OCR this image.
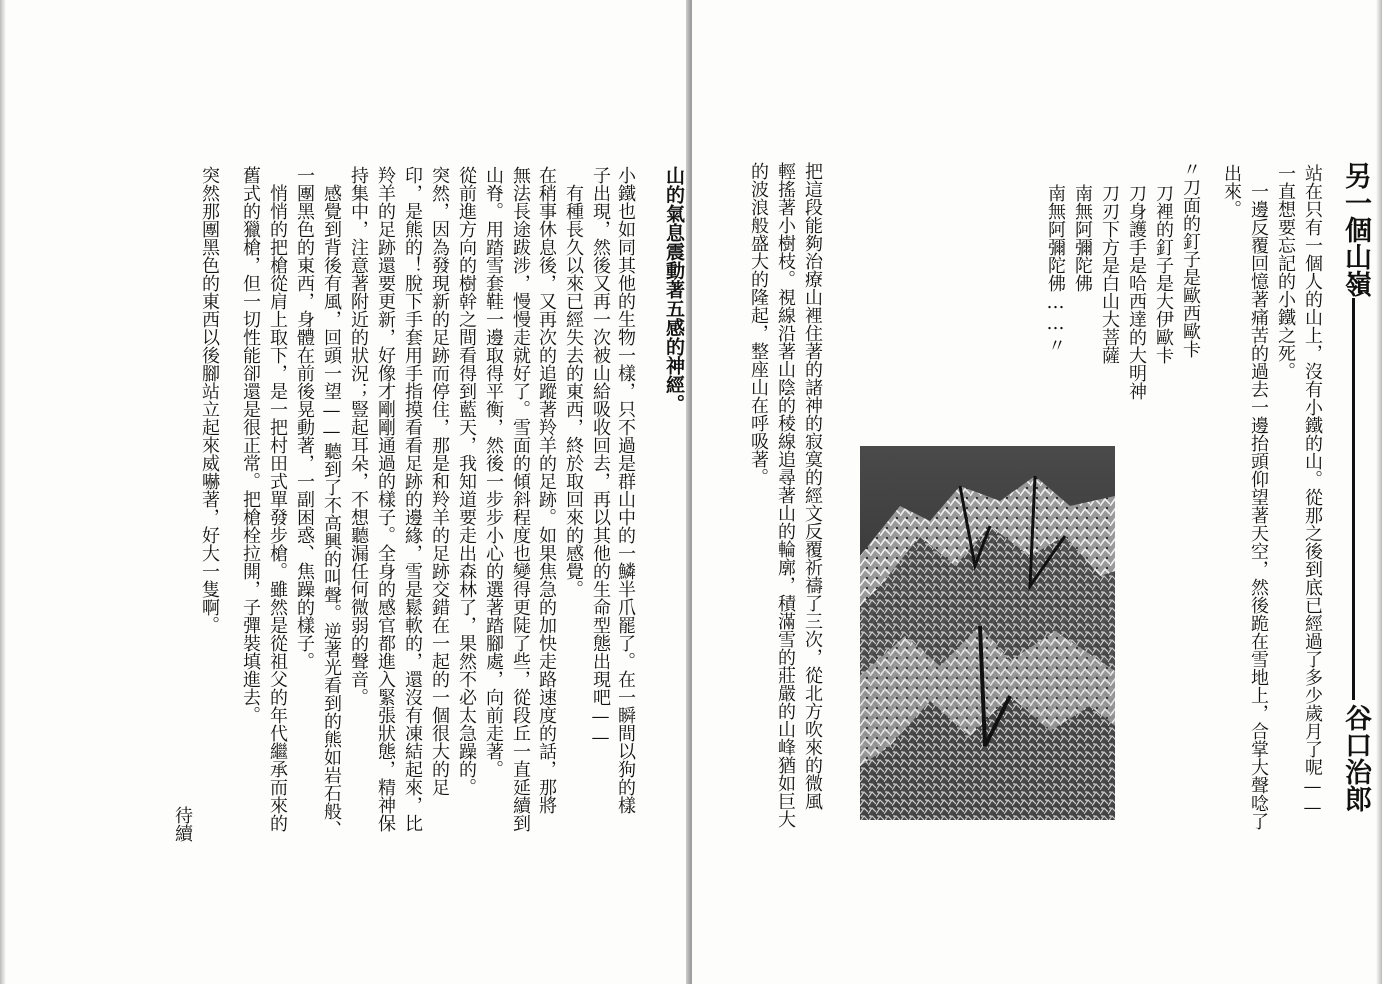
山的氣息震動著五感的神經。
小鐵也如同其他的生物一樣，只不過是群山中的一鱗半爪罷了。在一瞬間以狗的樣
子出現，然後又再一次被山給吸收回去，再以其他的生命型態出現吧——
有種長久以來已經失去的東西，終於取回來的感覺。
在稍事休息後，又再次的追蹤著羚羊的足跡。如果焦急的加快走路速度的話，那將
無法長途跋涉，慢慢走就好了。雪面的傾斜程度也變得更陡了些，從段丘一直延續到
山脊。用踏雪套鞋一邊取得平衡，然後一步步小心的選著踏腳處，向前走著。
從前進方向的樹幹之間看得到藍天，我知道要走出森林了，果然不必太急躁的。
突然，因為發現新的足跡而停住，那是和羚羊的足跡交錯在一起的一個很大的足
印，是熊的！脫下手套用手指摸看看足跡的邊緣，雪是鬆軟的，還沒有凍結起來，比
羚羊的足跡還要更新，好像才剛剛通過的樣子。全身的感官都進入緊張狀態，精神保
持集中，注意著附近的狀況；豎起耳朵，不想聽漏任何微弱的聲音。
感覺到背後有風，回頭一望——聽到了不高興的叫聲。逆著光看到的熊如岩石般、
一團黑色的東西，身體在前後晃動著，一副困惑、焦躁的樣子。
悄悄的把槍從肩上取下，是一把村田式單發步槍。雖然是從祖父的年代繼承而來的
舊式的獵槍，但一切性能卻還是很正常。把槍栓拉開，子彈裝填進去。
突然那團黑色的東西以後腳站立起來威嚇著，好大一隻啊。
待續
另一個山嶺
谷口治郎
站在只有一個人的山上，沒有小鐵的山。從那之後到底已經過了多少歲月了呢——
一直想要忘記的小鐵之死。
一邊反覆回憶著痛苦的過去一邊抬頭仰望著天空，然後跪在雪地上，合掌大聲唸了
出來。
〃刀面的釘子是歐西歐卡
刀裡的釘子是大伊歐卡
刀身護手是哈西達的大明神
刀刃下方是白山大菩薩
南無阿彌陀佛
南無阿彌陀佛……
〃
把這段能夠治療山裡住著的諸神的寂寞的經文反覆祈禱了三次，從北方吹來的微風
輕搖著小樹枝。視線沿著山陰的稜線追尋著山的輪廓，積滿雪的莊嚴的山峰猶如巨大
的波浪般盛大的隆起，整座山在呼吸著。
